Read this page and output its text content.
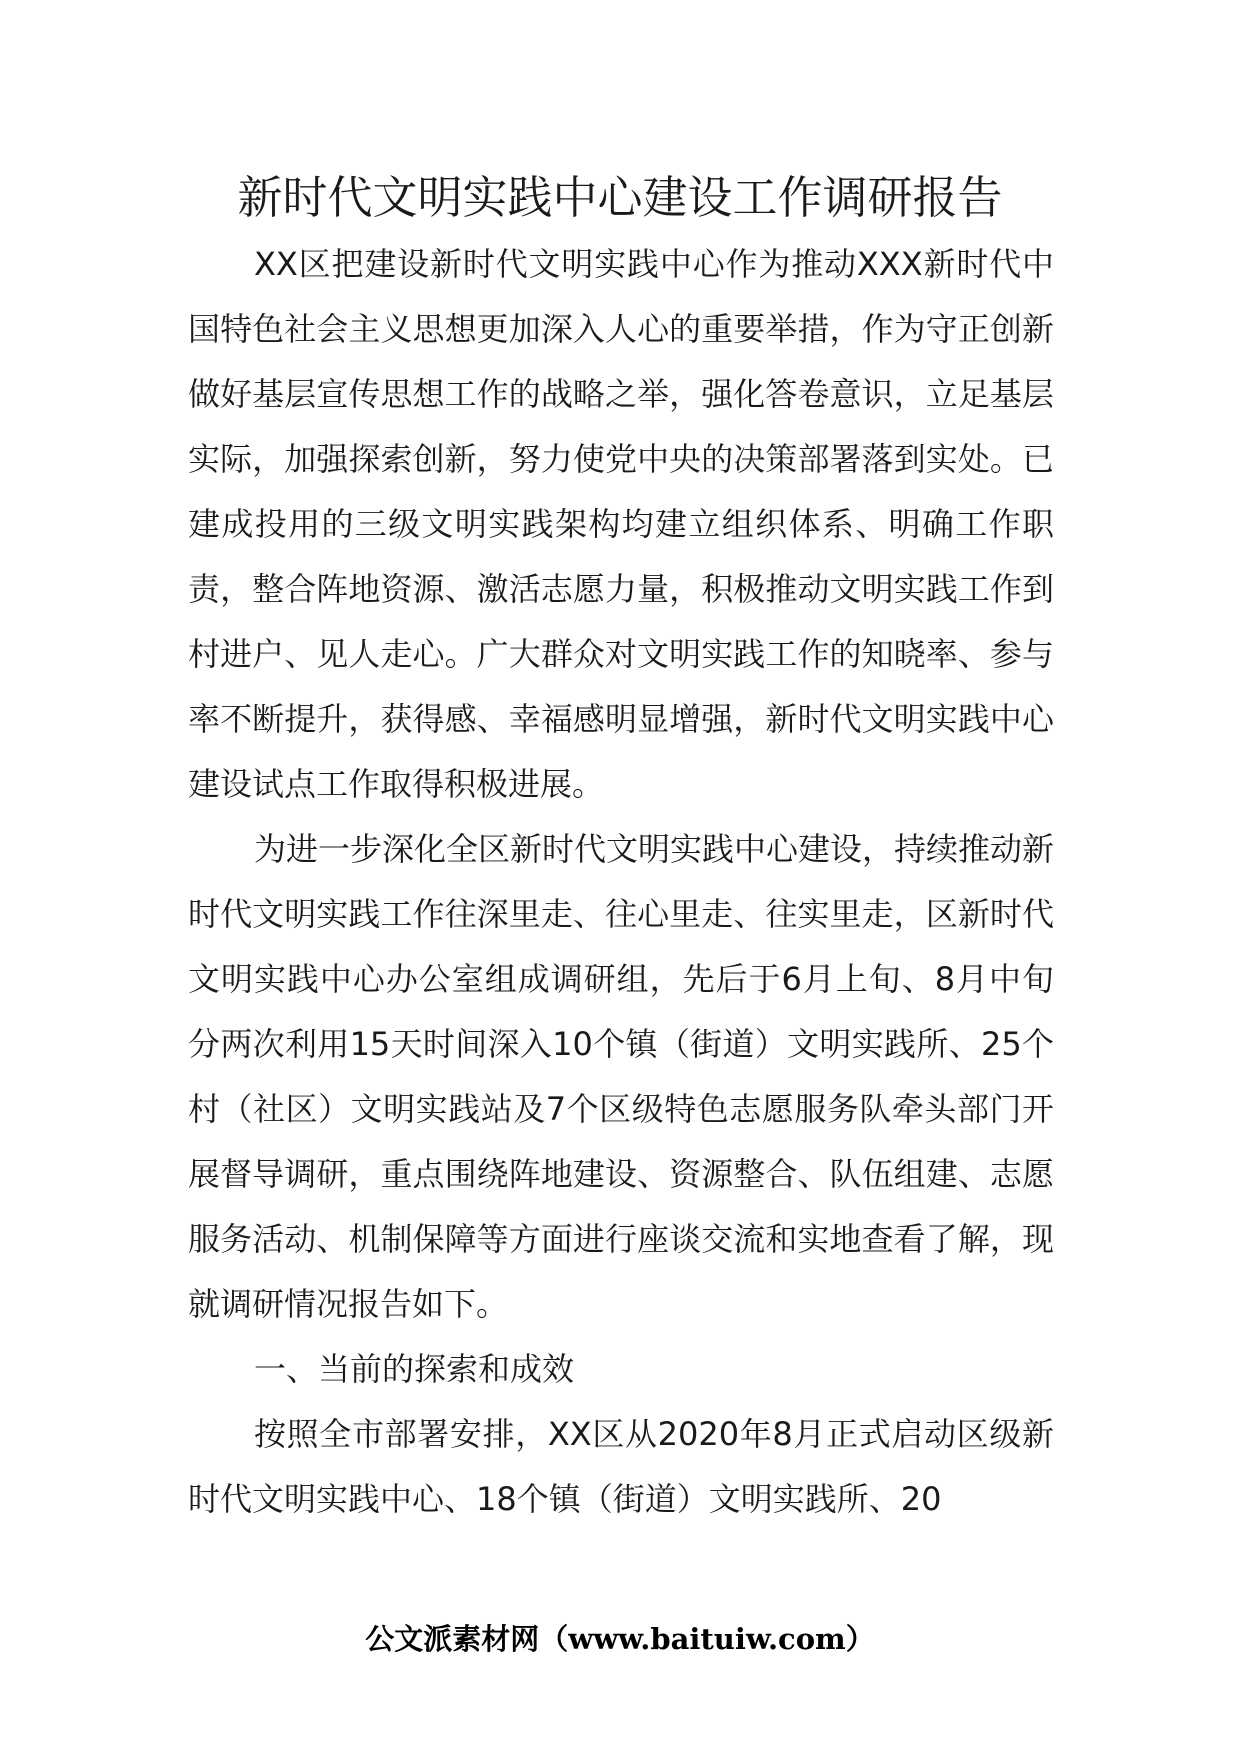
新时代文明实践中心建设工作调研报告

XX区把建设新时代文明实践中心作为推动XXX新时代中国特色社会主义思想更加深入人心的重要举措，作为守正创新做好基层宣传思想工作的战略之举，强化答卷意识，立足基层实际，加强探索创新，努力使党中央的决策部署落到实处。已建成投用的三级文明实践架构均建立组织体系、明确工作职责，整合阵地资源、激活志愿力量，积极推动文明实践工作到村进户、见人走心。广大群众对文明实践工作的知晓率、参与率不断提升，获得感、幸福感明显增强，新时代文明实践中心建设试点工作取得积极进展。

为进一步深化全区新时代文明实践中心建设，持续推动新时代文明实践工作往深里走、往心里走、往实里走，区新时代文明实践中心办公室组成调研组，先后于6月上旬、8月中旬分两次利用15天时间深入10个镇（街道）文明实践所、25个村（社区）文明实践站及7个区级特色志愿服务队牵头部门开展督导调研，重点围绕阵地建设、资源整合、队伍组建、志愿服务活动、机制保障等方面进行座谈交流和实地查看了解，现就调研情况报告如下。

一、当前的探索和成效

按照全市部署安排，XX区从2020年8月正式启动区级新时代文明实践中心、18个镇（街道）文明实践所、20

公文派素材网（www.baituiw.com）
